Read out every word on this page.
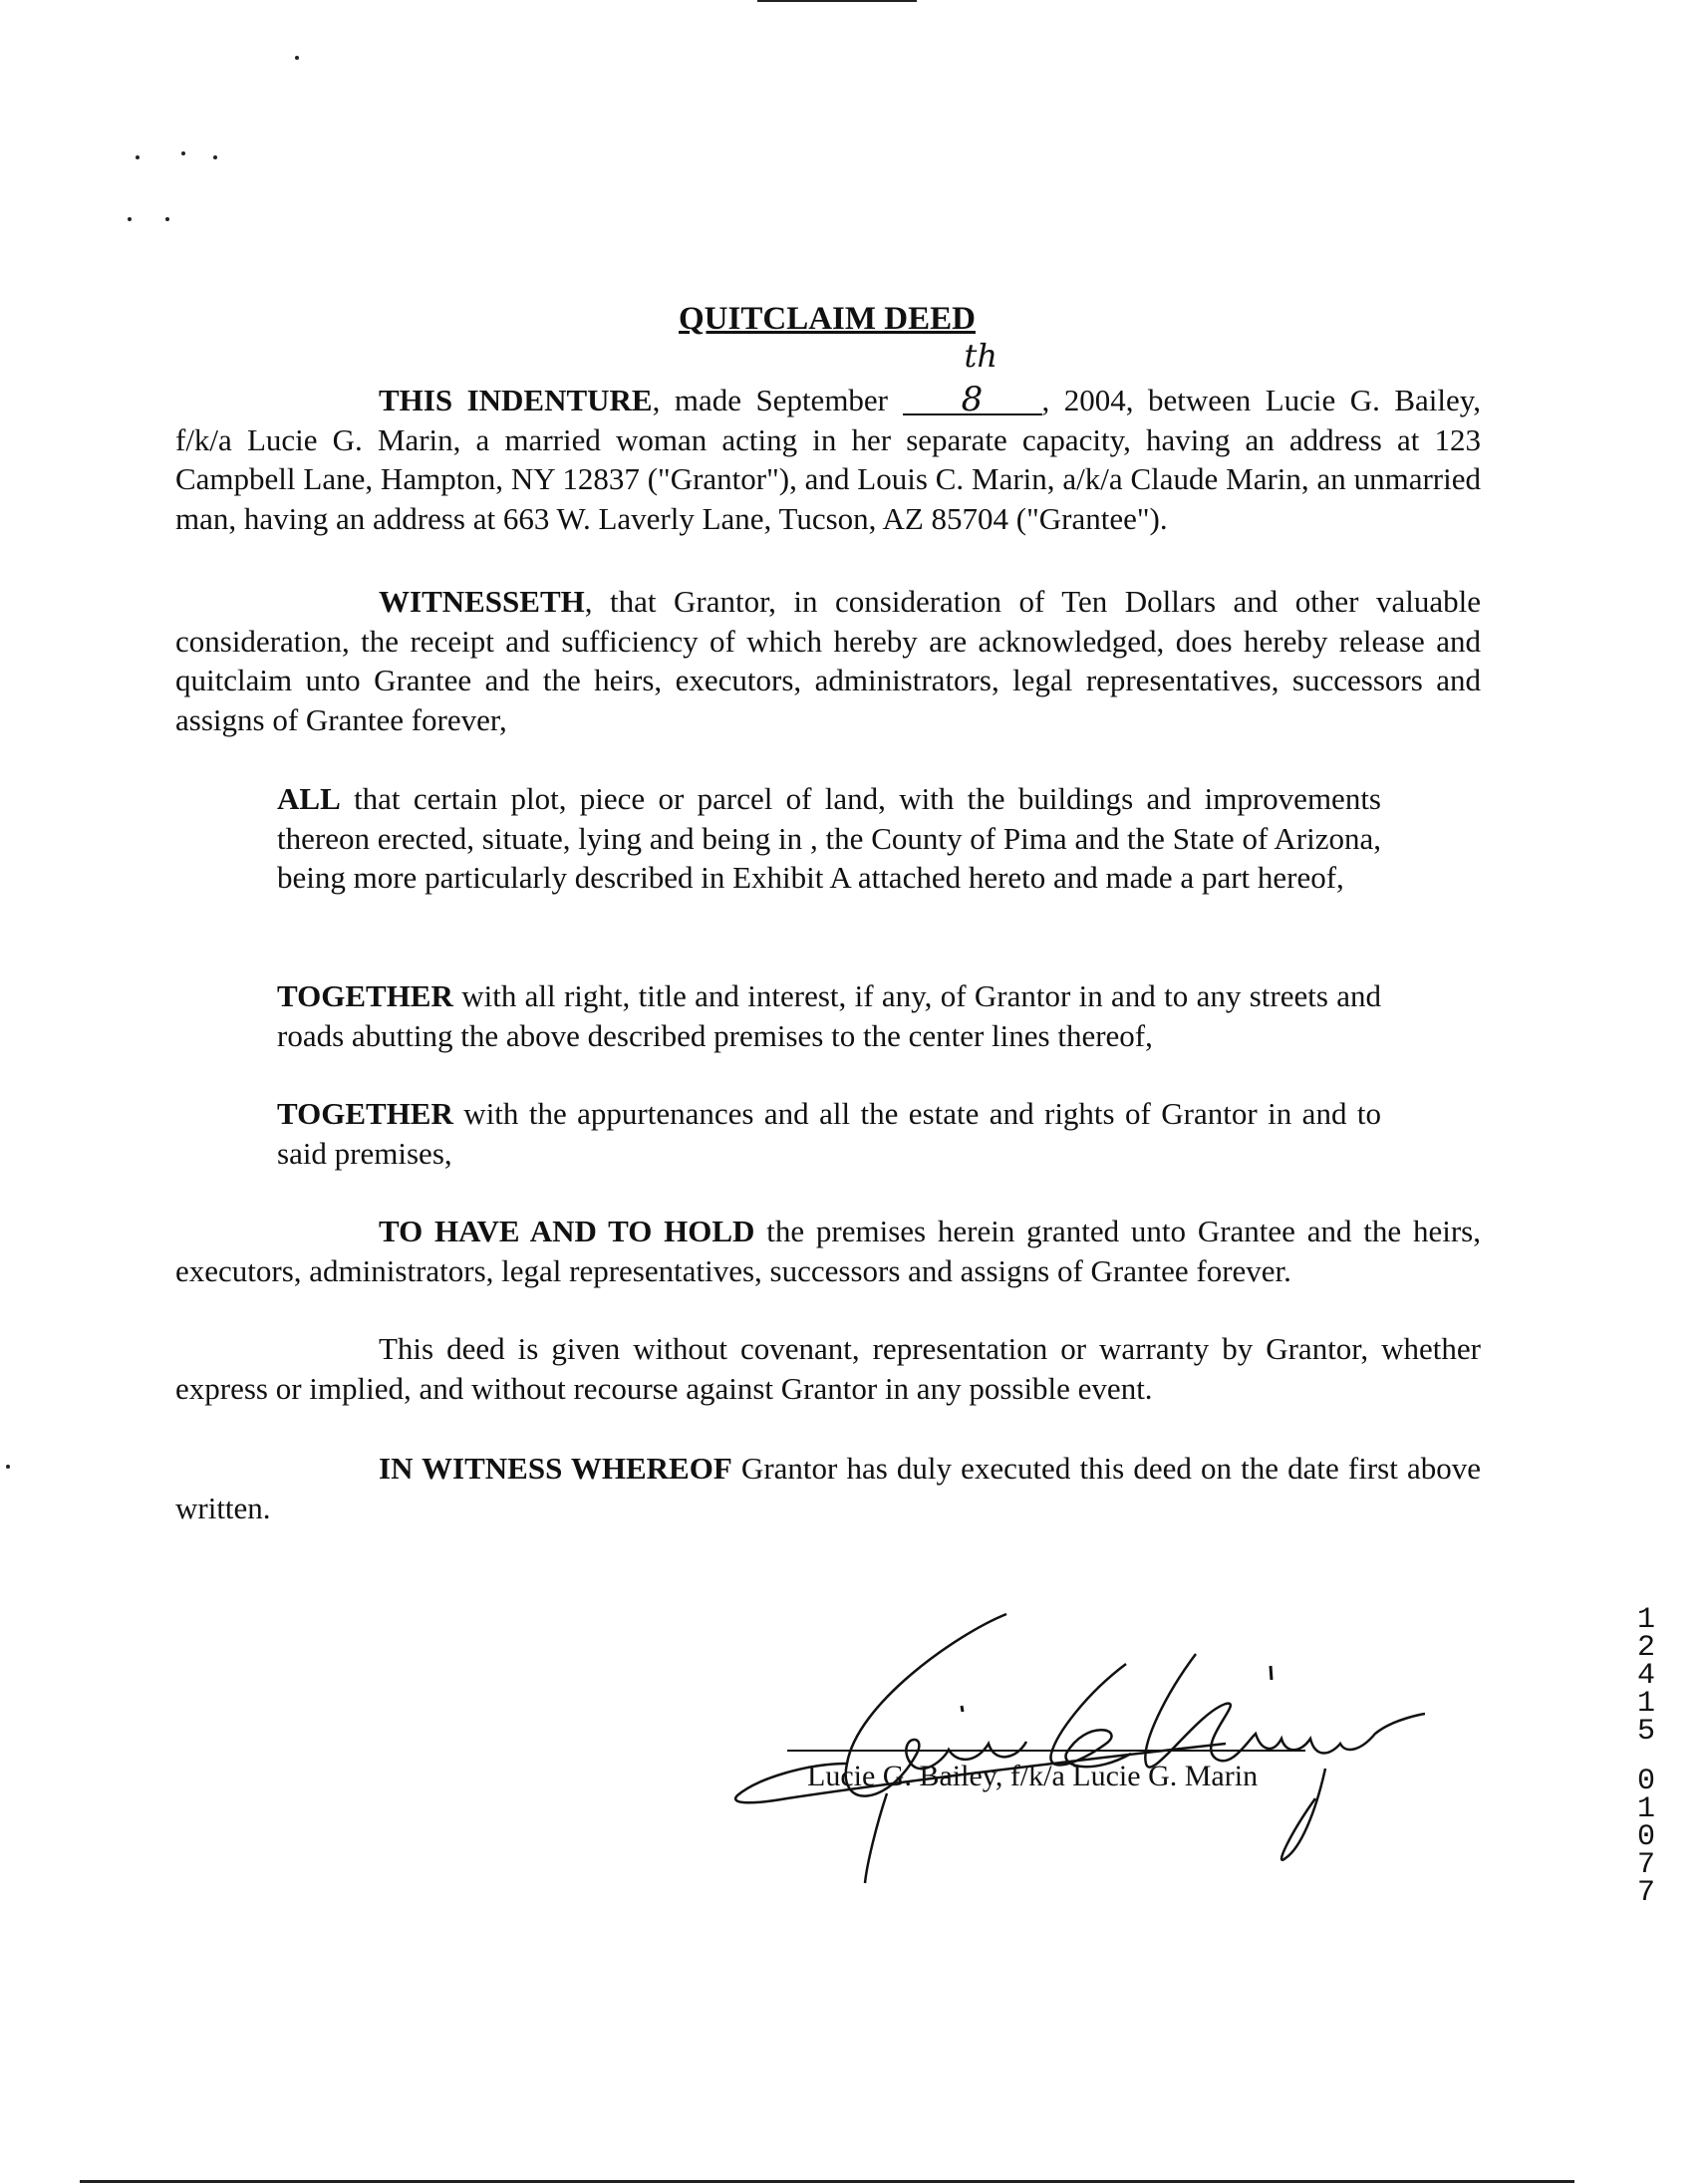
QUITCLAIM DEED

THIS INDENTURE, made September
th
8 , 2004, between Lucie G. Bailey, f/k/a Lucie G. Marin, a married woman acting in her separate capacity, having an address at 123 Campbell Lane, Hampton, NY 12837 ("Grantor"), and Louis C. Marin, a/k/a Claude Marin, an unmarried man, having an address at 663 W. Laverly Lane, Tucson, AZ 85704 ("Grantee").

WITNESSETH, that Grantor, in consideration of Ten Dollars and other valuable consideration, the receipt and sufficiency of which hereby are acknowledged, does hereby release and quitclaim unto Grantee and the heirs, executors, administrators, legal representatives, successors and assigns of Grantee forever,

ALL that certain plot, piece or parcel of land, with the buildings and improvements thereon erected, situate, lying and being in , the County of Pima and the State of Arizona, being more particularly described in Exhibit A attached hereto and made a part hereof,

TOGETHER with all right, title and interest, if any, of Grantor in and to any streets and roads abutting the above described premises to the center lines thereof,

TOGETHER with the appurtenances and all the estate and rights of Grantor in and to said premises,

TO HAVE AND TO HOLD the premises herein granted unto Grantee and the heirs, executors, administrators, legal representatives, successors and assigns of Grantee forever.

This deed is given without covenant, representation or warranty by Grantor, whether express or implied, and without recourse against Grantor in any possible event.

IN WITNESS WHEREOF Grantor has duly executed this deed on the date first above written.

Lucie G. Bailey, f/k/a Lucie G. Marin
1
2
4
1
5
0
1
0
7
7
